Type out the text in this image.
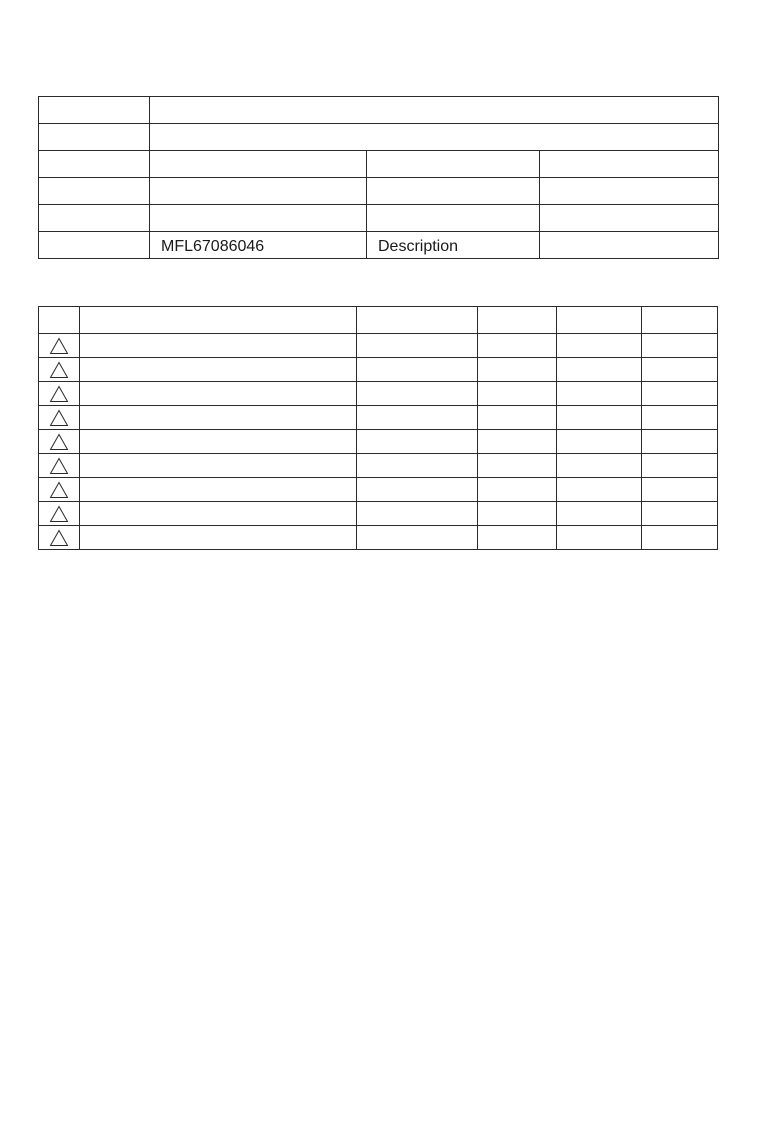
	MFL67086046	Description	
